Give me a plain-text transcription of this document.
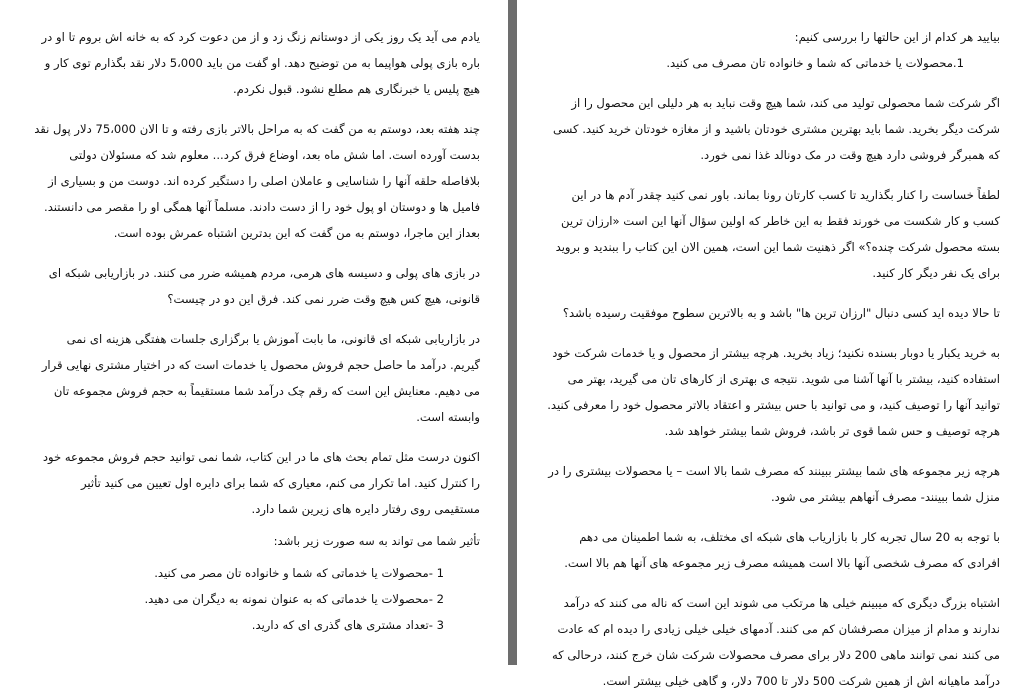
یادم می آید یک روز یکی از دوستانم زنگ زد و از من دعوت کرد که به خانه اش بروم تا او در باره بازی پولی هواپیما به من توضیح دهد. او گفت من باید 5،000 دلار نقد بگذارم توی کار و هیچ پلیس یا خبرنگاری هم مطلع نشود. قبول نکردم.

چند هفته بعد، دوستم به من گفت که به مراحل بالاتر بازی رفته و تا الان 75،000 دلار پول نقد بدست آورده است. اما شش ماه بعد، اوضاع فرق کرد... معلوم شد که مسئولان دولتی بلافاصله حلقه آنها را شناسایی و عاملان اصلی را دستگیر کرده اند. دوست من و بسیاری از فامیل ها و دوستان او پول خود را از دست دادند. مسلماً آنها همگی او را مقصر می دانستند. بعداز این ماجرا، دوستم به من گفت که این بدترین اشتباه عمرش بوده است.

در بازی های پولی و دسیسه های هرمی، مردم همیشه ضرر می کنند. در بازاریابی شبکه ای قانونی، هیچ کس هیچ وقت ضرر نمی کند. فرق این دو در چیست؟

در بازاریابی شبکه ای قانونی، ما بابت آموزش یا برگزاری جلسات هفتگی هزینه ای نمی گیریم. درآمد ما حاصل حجم فروش محصول یا خدمات است که در اختیار مشتری نهایی قرار می دهیم. معنایش این است که رقم چک درآمد شما مستقیماً به حجم فروش مجموعه تان وابسته است.

اکنون درست مثل تمام بحث های ما در این کتاب، شما نمی توانید حجم فروش مجموعه خود را کنترل کنید. اما تکرار می کنم، معیاری که شما برای دایره اول تعیین می کنید تأثیر مستقیمی روی رفتار دایره های زیرین شما دارد.

تأثیر شما می تواند به سه صورت زیر باشد:

1 -محصولات یا خدماتی که شما و خانواده تان مصر می کنید.

2 -محصولات یا خدماتی که به عنوان نمونه به دیگران می دهید.

3 -تعداد مشتری های گذری ای که دارید.

بیایید هر کدام از این حالتها را بررسی کنیم:

1.محصولات یا خدماتی که شما و خانواده تان مصرف می کنید.

اگر شرکت شما محصولی تولید می کند، شما هیچ وقت نباید به هر دلیلی این محصول را از شرکت دیگر بخرید. شما باید بهترین مشتری خودتان باشید و از مغازه خودتان خرید کنید. کسی که همبرگر فروشی دارد هیچ وقت در مک دونالد غذا نمی خورد.

لطفاً خساست را کنار بگذارید تا کسب کارتان رونا بماند. باور نمی کنید چقدر آدم ها در این کسب و کار شکست می خورند فقط به این خاطر که اولین سؤال آنها این است «ارزان ترین بسته محصول شرکت چنده؟» اگر ذهنیت شما این است، همین الان این کتاب را ببندید و بروید برای یک نفر دیگر کار کنید.

تا حالا دیده اید کسی دنبال "ارزان ترین ها" باشد و به بالاترین سطوح موفقیت رسیده باشد؟

به خرید یکبار یا دوبار بسنده نکنید؛ زیاد بخرید. هرچه بیشتر از محصول و یا خدمات شرکت خود استفاده کنید، بیشتر با آنها آشنا می شوید. نتیجه ی بهتری از کارهای تان می گیرید، بهتر می توانید آنها را توصیف کنید، و می توانید با حس بیشتر و اعتقاد بالاتر محصول خود را معرفی کنید. هرچه توصیف و حس شما قوی تر باشد، فروش شما بیشتر خواهد شد.

هرچه زیر مجموعه های شما بیشتر ببینند که مصرف شما بالا است – یا محصولات بیشتری را در منزل شما ببینند- مصرف آنهاهم بیشتر می شود.

با توجه به 20 سال تجربه کار با بازاریاب های شبکه ای مختلف، به شما اطمینان می دهم افرادی که مصرف شخصی آنها بالا است همیشه مصرف زیر مجموعه های آنها هم بالا است.

اشتباه بزرگ دیگری که میبینم خیلی ها مرتکب می شوند این است که ناله می کنند که درآمد ندارند و مدام از میزان مصرفشان کم می کنند. آدمهای خیلی خیلی زیادی را دیده ام که عادت می کنند نمی توانند ماهی 200 دلار برای مصرف محصولات شرکت شان خرج کنند، درحالی که درآمد ماهیانه اش از همین شرکت 500 دلار تا 700 دلار، و گاهی خیلی بیشتر است.
